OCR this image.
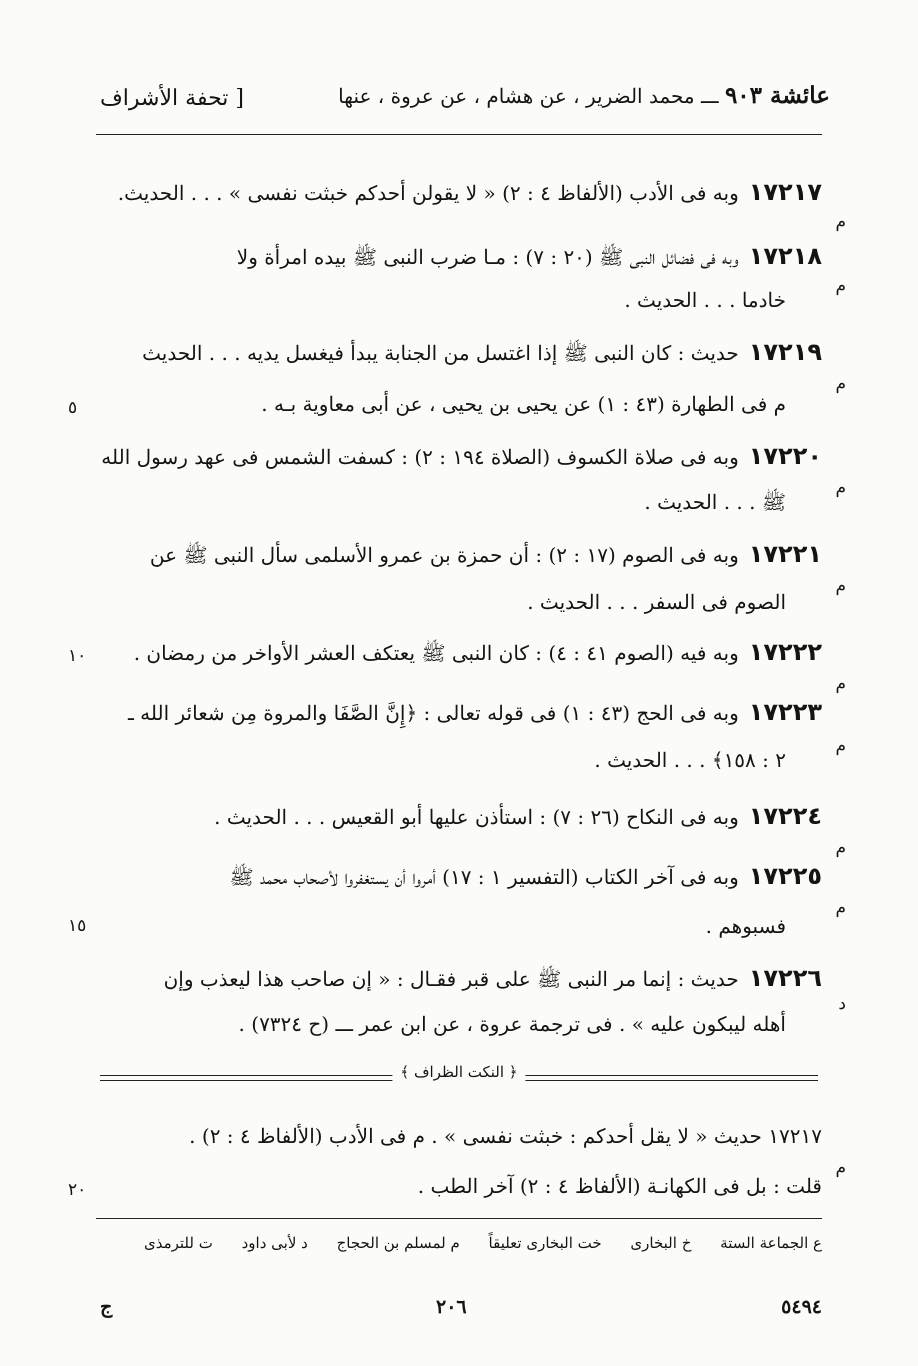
عائشة ٩٠٣ ـــ محمد الضرير ، عن هشام ، عن عروة ، عنها
[ تحفة الأشراف
١٧٢١٧وبه فى الأدب (الألفاظ ٤ : ٢) « لا يقولن أحدكم خبثت نفسى » . . . الحديث.
م
١٧٢١٨وبه فى فضائل النبى ﷺ (٢٠ : ٧) : مـا ضرب النبى ﷺ بيده امرأة ولا
خادما . . . الحديث .
م
١٧٢١٩حديث : كان النبى ﷺ إذا اغتسل من الجنابة يبدأ فيغسل يديه . . . الحديث
م فى الطهارة (٤٣ : ١) عن يحيى بن يحيى ، عن أبى معاوية بـه .
م
٥
١٧٢٢٠وبه فى صلاة الكسوف (الصلاة ١٩٤ : ٢) : كسفت الشمس فى عهد رسول الله
ﷺ . . . الحديث .
م
١٧٢٢١وبه فى الصوم (١٧ : ٢) : أن حمزة بن عمرو الأسلمى سأل النبى ﷺ عن
الصوم فى السفر . . . الحديث .
م
١٧٢٢٢وبه فيه (الصوم ٤١ : ٤) : كان النبى ﷺ يعتكف العشر الأواخر من رمضان .
م
١٠
١٧٢٢٣وبه فى الحج (٤٣ : ١) فى قوله تعالى : ﴿إِنَّ الصَّفَا والمروة مِن شعائر الله ـ
٢ : ١٥٨﴾ . . . الحديث .
م
١٧٢٢٤وبه فى النكاح (٢٦ : ٧) : استأذن عليها أبو القعيس . . . الحديث .
م
١٧٢٢٥وبه فى آخر الكتاب (التفسير ١ : ١٧) أمروا أن يستغفروا لأصحاب محمد ﷺ
فسبوهم .
م
١٥
١٧٢٢٦حديث : إنما مر النبى ﷺ على قبر فقـال : « إن صاحب هذا ليعذب وإن
أهله ليبكون عليه » . فى ترجمة عروة ، عن ابن عمر ـــ (ح ٧٣٢٤) .
د
﴿ النكت الظراف ﴾
١٧٢١٧ حديث « لا يقل أحدكم : خبثت نفسى » . م فى الأدب (الألفاظ ٤ : ٢) .
قلت : بل فى الكهانـة (الألفاظ ٤ : ٢) آخر الطب .
م
٢٠
ع الجماعة الستة خ البخارى خت البخارى تعليقاً م لمسلم بن الحجاج د لأبى داود ت للترمذى
ج	٢٠٦	٥٤٩٤
